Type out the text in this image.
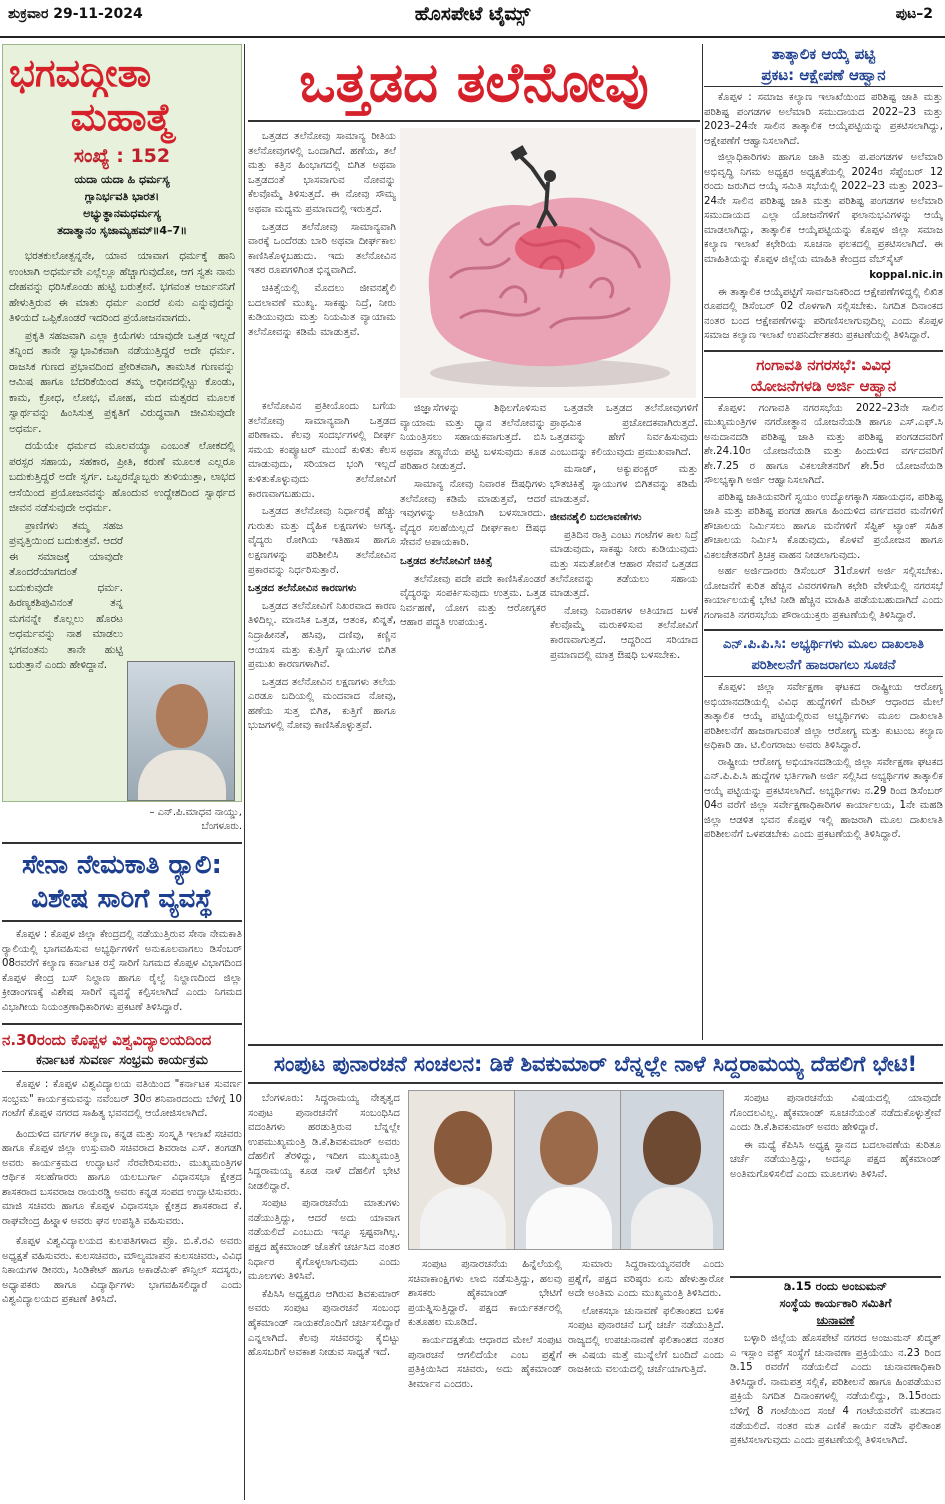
ಶುಕ್ರವಾರ 29-11-2024	ಹೊಸಪೇಟೆ ಟೈಮ್ಸ್	ಪುಟ–2
ಭಗವದ್ಗೀತಾ
ಮಹಾತ್ಮೆ
ಸಂಖ್ಯೆ : 152
ಯದಾ ಯದಾ ಹಿ ಧರ್ಮಸ್ಯ
ಗ್ಲಾನಿರ್ಭವತಿ ಭಾರತ।
ಅಭ್ಯುತ್ಥಾನಮಧರ್ಮಸ್ಯ
ತದಾತ್ಮಾನಂ ಸೃಜಾಮ್ಯಹಮ್॥4–7॥

ಭರತಕುಲೋತ್ಪನ್ನನೇ, ಯಾವ ಯಾವಾಗ ಧರ್ಮಕ್ಕೆ ಹಾನಿ ಉಂಟಾಗಿ ಅಧರ್ಮವೇ ಎಲ್ಲೆಲ್ಲೂ ಹೆಚ್ಚಾಗುವುದೋ, ಆಗ ಸ್ವತಃ ನಾನು ದೇಹವನ್ನು ಧರಿಸಿಕೊಂಡು ಹುಟ್ಟಿ ಬರುತ್ತೇನೆ. ಭಗವಂತ ಅರ್ಜುನನಿಗೆ ಹೇಳುತ್ತಿರುವ ಈ ಮಾತು ಧರ್ಮ ಎಂದರೆ ಏನು ಎನ್ನುವುದನ್ನು ತಿಳಿಯದೆ ಒಪ್ಪಿಕೊಂಡರೆ ಇದರಿಂದ ಪ್ರಯೋಜನವಾಗದು.

ಪ್ರಕೃತಿ ಸಹಜವಾಗಿ ಎಲ್ಲಾ ಕ್ರಿಯೆಗಳು ಯಾವುದೇ ಒತ್ತಡ ಇಲ್ಲದೆ ತನ್ನಿಂದ ತಾನೇ ಸ್ವಾಭಾವಿಕವಾಗಿ ನಡೆಯುತ್ತಿದ್ದರೆ ಅದೇ ಧರ್ಮ. ರಾಜಸಿಕ ಗುಣದ ಪ್ರಭಾವದಿಂದ ಪ್ರೇರಿತವಾಗಿ, ತಾಮಸಿಕ ಗುಣವನ್ನು ಆಮಿಷ ಹಾಗೂ ಬೆದರಿಕೆಯಿಂದ ತಮ್ಮ ಅಧೀನದಲ್ಲಿಟ್ಟು ಕೊಂಡು, ಕಾಮ, ಕ್ರೋಧ, ಲೋಭ, ಮೋಹ, ಮದ ಮತ್ಸರದ ಮೂಲಕ ಸ್ವಾರ್ಥವನ್ನು ಹಿಂಸಿಸುತ್ತ ಪ್ರಕೃತಿಗೆ ವಿರುದ್ಧವಾಗಿ ಜೀವಿಸುವುದೇ ಅಧರ್ಮ.

ದಯೆಯೇ ಧರ್ಮದ ಮೂಲವಯ್ಯಾ ಎಂಬಂತೆ ಲೋಕದಲ್ಲಿ ಪರಸ್ಪರ ಸಹಾಯ, ಸಹಕಾರ, ಪ್ರೀತಿ, ಕರುಣೆ ಮೂಲಕ ಎಲ್ಲರೂ ಬದುಕುತ್ತಿದ್ದರೆ ಅದೇ ಸ್ವರ್ಗ. ಒಬ್ಬರನ್ನೊಬ್ಬರು ತುಳಿಯುತ್ತಾ, ಲಾಭದ ಆಸೆಯಿಂದ ಪ್ರಯೋಜನವನ್ನು ಹೊಂದುವ ಉದ್ದೇಶದಿಂದ ಸ್ವಾರ್ಥದ ಜೀವನ ನಡೆಸುವುದೇ ಅಧರ್ಮ.

ಪ್ರಾಣಿಗಳು ತಮ್ಮ ಸಹಜ ಪ್ರವೃತ್ತಿಯಿಂದ ಬದುಕುತ್ತವೆ. ಆದರೆ ಈ ಸಮಾಜಕ್ಕೆ ಯಾವುದೇ ತೊಂದರೆಯಾಗದಂತೆ ಬದುಕುವುದೇ ಧರ್ಮ. ಹಿರಣ್ಯಕಶಿಪುವಿನಂತೆ ತನ್ನ ಮಗನನ್ನೇ ಕೊಲ್ಲಲು ಹೊರಟ ಅಧರ್ಮವನ್ನು ನಾಶ ಮಾಡಲು ಭಗವಂತನು ತಾನೇ ಹುಟ್ಟಿ ಬರುತ್ತಾನೆ ಎಂದು ಹೇಳಿದ್ದಾನೆ.

– ಎನ್.ಪಿ.ಮಾಧವ ನಾಯ್ಡು,
ಬೆಂಗಳೂರು.
ಸೇನಾ ನೇಮಕಾತಿ ರ್‍ಯಾಲಿ:
ವಿಶೇಷ ಸಾರಿಗೆ ವ್ಯವಸ್ಥೆ

ಕೊಪ್ಪಳ : ಕೊಪ್ಪಳ ಜಿಲ್ಲಾ ಕೇಂದ್ರದಲ್ಲಿ ನಡೆಯುತ್ತಿರುವ ಸೇನಾ ನೇಮಕಾತಿ ರ್‍ಯಾಲಿಯಲ್ಲಿ ಭಾಗವಹಿಸುವ ಅಭ್ಯರ್ಥಿಗಳಿಗೆ ಅನುಕೂಲವಾಗಲು ಡಿಸೆಂಬರ್ 08ರವರೆಗೆ ಕಲ್ಯಾಣ ಕರ್ನಾಟಕ ರಸ್ತೆ ಸಾರಿಗೆ ನಿಗಮದ ಕೊಪ್ಪಳ ವಿಭಾಗದಿಂದ ಕೊಪ್ಪಳ ಕೇಂದ್ರ ಬಸ್ ನಿಲ್ದಾಣ ಹಾಗೂ ರೈಲ್ವೆ ನಿಲ್ದಾಣದಿಂದ ಜಿಲ್ಲಾ ಕ್ರೀಡಾಂಗಣಕ್ಕೆ ವಿಶೇಷ ಸಾರಿಗೆ ವ್ಯವಸ್ಥೆ ಕಲ್ಪಿಸಲಾಗಿದೆ ಎಂದು ನಿಗಮದ ವಿಭಾಗೀಯ ನಿಯಂತ್ರಣಾಧಿಕಾರಿಗಳು ಪ್ರಕಟಣೆ ತಿಳಿಸಿದ್ದಾರೆ.

ನ.30ರಂದು ಕೊಪ್ಪಳ ವಿಶ್ವವಿದ್ಯಾಲಯದಿಂದ
ಕರ್ನಾಟಕ ಸುವರ್ಣ ಸಂಭ್ರಮ ಕಾರ್ಯಕ್ರಮ

ಕೊಪ್ಪಳ : ಕೊಪ್ಪಳ ವಿಶ್ವವಿದ್ಯಾಲಯ ವತಿಯಿಂದ "ಕರ್ನಾಟಕ ಸುವರ್ಣ ಸಂಭ್ರಮ" ಕಾರ್ಯಕ್ರಮವನ್ನು ನವೆಂಬರ್ 30ರ ಶನಿವಾರದಂದು ಬೆಳಿಗ್ಗೆ 10 ಗಂಟೆಗೆ ಕೊಪ್ಪಳ ನಗರದ ಸಾಹಿತ್ಯ ಭವನದಲ್ಲಿ ಆಯೋಜಿಸಲಾಗಿದೆ.

ಹಿಂದುಳಿದ ವರ್ಗಗಳ ಕಲ್ಯಾಣ, ಕನ್ನಡ ಮತ್ತು ಸಂಸ್ಕೃತಿ ಇಲಾಖೆ ಸಚಿವರು ಹಾಗೂ ಕೊಪ್ಪಳ ಜಿಲ್ಲಾ ಉಸ್ತುವಾರಿ ಸಚಿವರಾದ ಶಿವರಾಜ ಎಸ್. ತಂಗಡಗಿ ಅವರು ಕಾರ್ಯಕ್ರಮದ ಉದ್ಘಾಟನೆ ನೆರವೇರಿಸುವರು. ಮುಖ್ಯಮಂತ್ರಿಗಳ ಆರ್ಥಿಕ ಸಲಹೆಗಾರರು ಹಾಗೂ ಯಲಬುರ್ಗಾ ವಿಧಾನಸಭಾ ಕ್ಷೇತ್ರದ ಶಾಸಕರಾದ ಬಸವರಾಜ ರಾಯರಡ್ಡಿ ಅವರು ಕನ್ನಡ ಸಂಪದ ಉದ್ಘಾಟಿಸುವರು. ಮಾಜಿ ಸಚಿವರು ಹಾಗೂ ಕೊಪ್ಪಳ ವಿಧಾನಸಭಾ ಕ್ಷೇತ್ರದ ಶಾಸಕರಾದ ಕೆ. ರಾಘವೇಂದ್ರ ಹಿಟ್ನಾಳ ಅವರು ಘನ ಉಪಸ್ಥಿತಿ ವಹಿಸುವರು.

ಕೊಪ್ಪಳ ವಿಶ್ವವಿದ್ಯಾಲಯದ ಕುಲಪತಿಗಳಾದ ಪ್ರೊ. ಬಿ.ಕೆ.ರವಿ ಅವರು ಅಧ್ಯಕ್ಷತೆ ವಹಿಸುವರು. ಕುಲಸಚಿವರು, ಮೌಲ್ಯಮಾಪನ ಕುಲಸಚಿವರು, ವಿವಿಧ ನಿಕಾಯಗಳ ಡೀನರು, ಸಿಂಡಿಕೇಟ್ ಹಾಗೂ ಅಕಾಡೆಮಿಕ್ ಕೌನ್ಸಿಲ್ ಸದಸ್ಯರು, ಅಧ್ಯಾಪಕರು ಹಾಗೂ ವಿದ್ಯಾರ್ಥಿಗಳು ಭಾಗವಹಿಸಲಿದ್ದಾರೆ ಎಂದು ವಿಶ್ವವಿದ್ಯಾಲಯದ ಪ್ರಕಟಣೆ ತಿಳಿಸಿದೆ.

ಒತ್ತಡದ ತಲೆನೋವು

ಒತ್ತಡದ ತಲೆನೋವು ಸಾಮಾನ್ಯ ರೀತಿಯ ತಲೆನೋವುಗಳಲ್ಲಿ ಒಂದಾಗಿದೆ. ಹಣೆಯ, ತಲೆ ಮತ್ತು ಕತ್ತಿನ ಹಿಂಭಾಗದಲ್ಲಿ ಬಿಗಿತ ಅಥವಾ ಒತ್ತಡದಂತೆ ಭಾಸವಾಗುವ ನೋವನ್ನು ಕೆಲವೊಮ್ಮೆ ತಿಳಿಸುತ್ತದೆ. ಈ ನೋವು ಸೌಮ್ಯ ಅಥವಾ ಮಧ್ಯಮ ಪ್ರಮಾಣದಲ್ಲಿ ಇರುತ್ತದೆ.

ಒತ್ತಡದ ತಲೆನೋವು ಸಾಮಾನ್ಯವಾಗಿ ವಾರಕ್ಕೆ ಒಂದೆರಡು ಬಾರಿ ಅಥವಾ ದೀರ್ಘಕಾಲ ಕಾಣಿಸಿಕೊಳ್ಳಬಹುದು. ಇದು ತಲೆನೋವಿನ ಇತರ ರೂಪಗಳಿಗಿಂತ ಭಿನ್ನವಾಗಿದೆ.

ಚಿಕಿತ್ಸೆಯಲ್ಲಿ ಮೊದಲು ಜೀವನಶೈಲಿ ಬದಲಾವಣೆ ಮುಖ್ಯ. ಸಾಕಷ್ಟು ನಿದ್ರೆ, ನೀರು ಕುಡಿಯುವುದು ಮತ್ತು ನಿಯಮಿತ ವ್ಯಾಯಾಮ ತಲೆನೋವನ್ನು ಕಡಿಮೆ ಮಾಡುತ್ತವೆ.

ಕಲೆನೋವಿನ ಪ್ರತೀಯೊಂದು ಬಗೆಯ ತಲೆನೋವು ಸಾಮಾನ್ಯವಾಗಿ ಒತ್ತಡದ ಪರಿಣಾಮ. ಕೆಲವು ಸಂದರ್ಭಗಳಲ್ಲಿ ದೀರ್ಘ ಸಮಯ ಕಂಪ್ಯೂಟರ್ ಮುಂದೆ ಕುಳಿತು ಕೆಲಸ ಮಾಡುವುದು, ಸರಿಯಾದ ಭಂಗಿ ಇಲ್ಲದೆ ಕುಳಿತುಕೊಳ್ಳುವುದು ತಲೆನೋವಿಗೆ ಕಾರಣವಾಗಬಹುದು.

ಒತ್ತಡದ ತಲೆನೋವು ನಿರ್ಧಾರಕ್ಕೆ ಹೆಚ್ಚು ಗುರುತು ಮತ್ತು ದೈಹಿಕ ಲಕ್ಷಣಗಳು ಅಗತ್ಯ. ವೈದ್ಯರು ರೋಗಿಯ ಇತಿಹಾಸ ಹಾಗೂ ಲಕ್ಷಣಗಳನ್ನು ಪರಿಶೀಲಿಸಿ ತಲೆನೋವಿನ ಪ್ರಕಾರವನ್ನು ನಿರ್ಧರಿಸುತ್ತಾರೆ.

ಒತ್ತಡದ ತಲೆನೋವಿನ ಕಾರಣಗಳು

ಒತ್ತಡದ ತಲೆನೋವಿಗೆ ನಿಖರವಾದ ಕಾರಣ ತಿಳಿದಿಲ್ಲ. ಮಾನಸಿಕ ಒತ್ತಡ, ಆತಂಕ, ಖಿನ್ನತೆ, ನಿದ್ರಾಹೀನತೆ, ಹಸಿವು, ದಣಿವು, ಕಣ್ಣಿನ ಆಯಾಸ ಮತ್ತು ಕುತ್ತಿಗೆ ಸ್ನಾಯುಗಳ ಬಿಗಿತ ಪ್ರಮುಖ ಕಾರಣಗಳಾಗಿವೆ.

ಒತ್ತಡದ ತಲೆನೋವಿನ ಲಕ್ಷಣಗಳು ತಲೆಯ ಎರಡೂ ಬದಿಯಲ್ಲಿ ಮಂದವಾದ ನೋವು, ಹಣೆಯ ಸುತ್ತ ಬಿಗಿತ, ಕುತ್ತಿಗೆ ಹಾಗೂ ಭುಜಗಳಲ್ಲಿ ನೋವು ಕಾಣಿಸಿಕೊಳ್ಳುತ್ತವೆ.

ಜಿಜ್ಞಾಸೆಗಳನ್ನು ಶಿಥಿಲಗೊಳಿಸುವ ವ್ಯಾಯಾಮ ಮತ್ತು ಧ್ಯಾನ ತಲೆನೋವನ್ನು ನಿಯಂತ್ರಿಸಲು ಸಹಾಯಕವಾಗುತ್ತದೆ. ಬಿಸಿ ಅಥವಾ ತಣ್ಣನೆಯ ಪಟ್ಟಿ ಬಳಸುವುದು ಕೂಡ ಪರಿಹಾರ ನೀಡುತ್ತದೆ.

ಸಾಮಾನ್ಯ ನೋವು ನಿವಾರಕ ಔಷಧಿಗಳು ತಲೆನೋವು ಕಡಿಮೆ ಮಾಡುತ್ತವೆ, ಆದರೆ ಇವುಗಳನ್ನು ಅತಿಯಾಗಿ ಬಳಸಬಾರದು. ವೈದ್ಯರ ಸಲಹೆಯಿಲ್ಲದೆ ದೀರ್ಘಕಾಲ ಔಷಧ ಸೇವನೆ ಅಪಾಯಕಾರಿ.

ಒತ್ತಡದ ತಲೆನೋವಿಗೆ ಚಿಕಿತ್ಸೆ

ತಲೆನೋವು ಪದೇ ಪದೇ ಕಾಣಿಸಿಕೊಂಡರೆ ವೈದ್ಯರನ್ನು ಸಂಪರ್ಕಿಸುವುದು ಉತ್ತಮ. ಒತ್ತಡ ನಿರ್ವಹಣೆ, ಯೋಗ ಮತ್ತು ಆರೋಗ್ಯಕರ ಆಹಾರ ಪದ್ಧತಿ ಉಪಯುಕ್ತ.

ಒತ್ತಡವೇ ಒತ್ತಡದ ತಲೆನೋವುಗಳಿಗೆ ಪ್ರಾಥಮಿಕ ಪ್ರಚೋದಕವಾಗಿರುತ್ತದೆ. ಒತ್ತಡವನ್ನು ಹೇಗೆ ನಿರ್ವಹಿಸುವುದು ಎಂಬುದನ್ನು ಕಲಿಯುವುದು ಪ್ರಮುಖವಾಗಿದೆ.

ಮಸಾಜ್, ಅಕ್ಯುಪಂಕ್ಚರ್ ಮತ್ತು ಭೌತಚಿಕಿತ್ಸೆ ಸ್ನಾಯುಗಳ ಬಿಗಿತವನ್ನು ಕಡಿಮೆ ಮಾಡುತ್ತವೆ.

ಜೀವನಶೈಲಿ ಬದಲಾವಣೆಗಳು

ಪ್ರತಿದಿನ ರಾತ್ರಿ ಎಂಟು ಗಂಟೆಗಳ ಕಾಲ ನಿದ್ರೆ ಮಾಡುವುದು, ಸಾಕಷ್ಟು ನೀರು ಕುಡಿಯುವುದು ಮತ್ತು ಸಮತೋಲಿತ ಆಹಾರ ಸೇವನೆ ಒತ್ತಡದ ತಲೆನೋವನ್ನು ತಡೆಯಲು ಸಹಾಯ ಮಾಡುತ್ತದೆ.

ನೋವು ನಿವಾರಕಗಳ ಅತಿಯಾದ ಬಳಕೆ ಕೆಲವೊಮ್ಮೆ ಮರುಕಳಿಸುವ ತಲೆನೋವಿಗೆ ಕಾರಣವಾಗುತ್ತದೆ. ಆದ್ದರಿಂದ ಸರಿಯಾದ ಪ್ರಮಾಣದಲ್ಲಿ ಮಾತ್ರ ಔಷಧಿ ಬಳಸಬೇಕು.

ತಾತ್ಕಾಲಿಕ ಆಯ್ಕೆ ಪಟ್ಟಿ
ಪ್ರಕಟ: ಆಕ್ಷೇಪಣೆ ಆಹ್ವಾನ

ಕೊಪ್ಪಳ : ಸಮಾಜ ಕಲ್ಯಾಣ ಇಲಾಖೆಯಿಂದ ಪರಿಶಿಷ್ಟ ಜಾತಿ ಮತ್ತು ಪರಿಶಿಷ್ಟ ಪಂಗಡಗಳ ಅಲೆಮಾರಿ ಸಮುದಾಯದ 2022–23 ಮತ್ತು 2023–24ನೇ ಸಾಲಿನ ತಾತ್ಕಾಲಿಕ ಆಯ್ಕೆಪಟ್ಟಿಯನ್ನು ಪ್ರಕಟಿಸಲಾಗಿದ್ದು, ಆಕ್ಷೇಪಣೆಗೆ ಆಹ್ವಾನಿಸಲಾಗಿದೆ.

ಜಿಲ್ಲಾಧಿಕಾರಿಗಳು ಹಾಗೂ ಜಾತಿ ಮತ್ತು ಪ.ಪಂಗಡಗಳ ಅಲೆಮಾರಿ ಅಭಿವೃದ್ಧಿ ನಿಗಮ ಅಧ್ಯಕ್ಷರ ಅಧ್ಯಕ್ಷತೆಯಲ್ಲಿ 2024ರ ಸೆಪ್ಟೆಂಬರ್ 12 ರಂದು ಜರುಗಿದ ಆಯ್ಕೆ ಸಮಿತಿ ಸಭೆಯಲ್ಲಿ 2022–23 ಮತ್ತು 2023–24ನೇ ಸಾಲಿನ ಪರಿಶಿಷ್ಟ ಜಾತಿ ಮತ್ತು ಪರಿಶಿಷ್ಟ ಪಂಗಡಗಳ ಅಲೆಮಾರಿ ಸಮುದಾಯದ ಎಲ್ಲಾ ಯೋಜನೆಗಳಿಗೆ ಫಲಾನುಭವಿಗಳನ್ನು ಆಯ್ಕೆ ಮಾಡಲಾಗಿದ್ದು, ತಾತ್ಕಾಲಿಕ ಆಯ್ಕೆಪಟ್ಟಿಯನ್ನು ಕೊಪ್ಪಳ ಜಿಲ್ಲಾ ಸಮಾಜ ಕಲ್ಯಾಣ ಇಲಾಖೆ ಕಛೇರಿಯ ಸೂಚನಾ ಫಲಕದಲ್ಲಿ ಪ್ರಕಟಿಸಲಾಗಿದೆ. ಈ ಮಾಹಿತಿಯನ್ನು ಕೊಪ್ಪಳ ಜಿಲ್ಲೆಯ ಮಾಹಿತಿ ಕೇಂದ್ರದ ವೆಬ್‌ಸೈಟ್

koppal.nic.in

ಈ ತಾತ್ಕಾಲಿಕ ಆಯ್ಕೆಪಟ್ಟಿಗೆ ಸಾರ್ವಜನಿಕರಿಂದ ಆಕ್ಷೇಪಣೆಗಳಿದ್ದಲ್ಲಿ ಲಿಖಿತ ರೂಪದಲ್ಲಿ ಡಿಸೆಂಬರ್ 02 ರೊಳಗಾಗಿ ಸಲ್ಲಿಸಬೇಕು. ನಿಗದಿತ ದಿನಾಂಕದ ನಂತರ ಬಂದ ಆಕ್ಷೇಪಣೆಗಳನ್ನು ಪರಿಗಣಿಸಲಾಗುವುದಿಲ್ಲ ಎಂದು ಕೊಪ್ಪಳ ಸಮಾಜ ಕಲ್ಯಾಣ ಇಲಾಖೆ ಉಪನಿರ್ದೇಶಕರು ಪ್ರಕಟಣೆಯಲ್ಲಿ ತಿಳಿಸಿದ್ದಾರೆ.

ಗಂಗಾವತಿ ನಗರಸಭೆ: ವಿವಿಧ
ಯೋಜನೆಗಳಡಿ ಅರ್ಜಿ ಆಹ್ವಾನ

ಕೊಪ್ಪಳ: ಗಂಗಾವತಿ ನಗರಸಭೆಯ 2022–23ನೇ ಸಾಲಿನ ಮುಖ್ಯಮಂತ್ರಿಗಳ ನಗರೋತ್ಥಾನ ಯೋಜನೆಯಡಿ ಹಾಗೂ ಎಸ್.ಎಫ್.ಸಿ ಅನುದಾನದಡಿ ಪರಿಶಿಷ್ಟ ಜಾತಿ ಮತ್ತು ಪರಿಶಿಷ್ಟ ಪಂಗಡದವರಿಗೆ ಶೇ.24.10ರ ಯೋಜನೆಯಡಿ ಮತ್ತು ಹಿಂದುಳಿದ ವರ್ಗದವರಿಗೆ ಶೇ.7.25 ರ ಹಾಗೂ ವಿಕಲಚೇತನರಿಗೆ ಶೇ.5ರ ಯೋಜನೆಯಡಿ ಸೌಲಭ್ಯಕ್ಕಾಗಿ ಅರ್ಜಿ ಆಹ್ವಾನಿಸಲಾಗಿದೆ.

ಪರಿಶಿಷ್ಟ ಜಾತಿಯವರಿಗೆ ಸ್ವಯಂ ಉದ್ಯೋಗಕ್ಕಾಗಿ ಸಹಾಯಧನ, ಪರಿಶಿಷ್ಟ ಜಾತಿ ಮತ್ತು ಪರಿಶಿಷ್ಟ ಪಂಗಡ ಹಾಗೂ ಹಿಂದುಳಿದ ವರ್ಗದವರ ಮನೆಗಳಿಗೆ ಶೌಚಾಲಯ ನಿರ್ಮಿಸಲು ಹಾಗೂ ಮನೆಗಳಿಗೆ ಸೆಪ್ಟಿಕ್ ಟ್ಯಾಂಕ್ ಸಹಿತ ಶೌಚಾಲಯ ನಿರ್ಮಿಸಿ ಕೊಡುವುದು, ಕೊಳವೆ ಪ್ರಯೋಜನ ಹಾಗೂ ವಿಕಲಚೇತನರಿಗೆ ತ್ರಿಚಕ್ರ ವಾಹನ ನೀಡಲಾಗುವುದು.

ಅರ್ಹ ಅರ್ಜಿದಾರರು ಡಿಸೆಂಬರ್ 31ರೊಳಗೆ ಅರ್ಜಿ ಸಲ್ಲಿಸಬೇಕು. ಯೋಜನೆಗೆ ಕುರಿತ ಹೆಚ್ಚಿನ ವಿವರಗಳಿಗಾಗಿ ಕಛೇರಿ ವೇಳೆಯಲ್ಲಿ ನಗರಸಭೆ ಕಾರ್ಯಾಲಯಕ್ಕೆ ಭೇಟಿ ನೀಡಿ ಹೆಚ್ಚಿನ ಮಾಹಿತಿ ಪಡೆಯಬಹುದಾಗಿದೆ ಎಂದು ಗಂಗಾವತಿ ನಗರಸಭೆಯ ಪೌರಾಯುಕ್ತರು ಪ್ರಕಟಣೆಯಲ್ಲಿ ತಿಳಿಸಿದ್ದಾರೆ.

ಎನ್.ಪಿ.ಪಿ.ಸಿ: ಅಭ್ಯರ್ಥಿಗಳು ಮೂಲ ದಾಖಲಾತಿ
ಪರಿಶೀಲನೆಗೆ ಹಾಜರಾಗಲು ಸೂಚನೆ

ಕೊಪ್ಪಳ: ಜಿಲ್ಲಾ ಸರ್ವೇಕ್ಷಣಾ ಘಟಕದ ರಾಷ್ಟ್ರೀಯ ಆರೋಗ್ಯ ಅಭಿಯಾನದಡಿಯಲ್ಲಿ ವಿವಿಧ ಹುದ್ದೆಗಳಿಗೆ ಮೆರಿಟ್ ಆಧಾರದ ಮೇಲೆ ತಾತ್ಕಾಲಿಕ ಆಯ್ಕೆ ಪಟ್ಟಿಯಲ್ಲಿರುವ ಅಭ್ಯರ್ಥಿಗಳು ಮೂಲ ದಾಖಲಾತಿ ಪರಿಶೀಲನೆಗೆ ಹಾಜರಾಗುವಂತೆ ಜಿಲ್ಲಾ ಆರೋಗ್ಯ ಮತ್ತು ಕುಟುಂಬ ಕಲ್ಯಾಣ ಅಧಿಕಾರಿ ಡಾ. ಟಿ.ಲಿಂಗರಾಜು ಅವರು ತಿಳಿಸಿದ್ದಾರೆ.

ರಾಷ್ಟ್ರೀಯ ಆರೋಗ್ಯ ಅಭಿಯಾನದಡಿಯಲ್ಲಿ ಜಿಲ್ಲಾ ಸರ್ವೇಕ್ಷಣಾ ಘಟಕದ ಎನ್.ಪಿ.ಪಿ.ಸಿ ಹುದ್ದೆಗಳ ಭರ್ತಿಗಾಗಿ ಅರ್ಜಿ ಸಲ್ಲಿಸಿದ ಅಭ್ಯರ್ಥಿಗಳ ತಾತ್ಕಾಲಿಕ ಆಯ್ಕೆ ಪಟ್ಟಿಯನ್ನು ಪ್ರಕಟಿಸಲಾಗಿದೆ. ಅಭ್ಯರ್ಥಿಗಳು ನ.29 ರಿಂದ ಡಿಸೆಂಬರ್ 04ರ ವರೆಗೆ ಜಿಲ್ಲಾ ಸರ್ವೇಕ್ಷಣಾಧಿಕಾರಿಗಳ ಕಾರ್ಯಾಲಯ, 1ನೇ ಮಹಡಿ ಜಿಲ್ಲಾ ಆಡಳಿತ ಭವನ ಕೊಪ್ಪಳ ಇಲ್ಲಿ ಹಾಜರಾಗಿ ಮೂಲ ದಾಖಲಾತಿ ಪರಿಶೀಲನೆಗೆ ಒಳಪಡಬೇಕು ಎಂದು ಪ್ರಕಟಣೆಯಲ್ಲಿ ತಿಳಿಸಿದ್ದಾರೆ.

ಸಂಪುಟ ಪುನಾರಚನೆ ಸಂಚಲನ: ಡಿಕೆ ಶಿವಕುಮಾರ್ ಬೆನ್ನಲ್ಲೇ ನಾಳೆ ಸಿದ್ದರಾಮಯ್ಯ ದೆಹಲಿಗೆ ಭೇಟಿ!

ಬೆಂಗಳೂರು: ಸಿದ್ದರಾಮಯ್ಯ ನೇತೃತ್ವದ ಸಂಪುಟ ಪುನಾರಚನೆಗೆ ಸಂಬಂಧಿಸಿದ ವದಂತಿಗಳು ಹರಡುತ್ತಿರುವ ಬೆನ್ನಲ್ಲೇ ಉಪಮುಖ್ಯಮಂತ್ರಿ ಡಿ.ಕೆ.ಶಿವಕುಮಾರ್ ಅವರು ದೆಹಲಿಗೆ ತೆರಳಿದ್ದು, ಇದೀಗ ಮುಖ್ಯಮಂತ್ರಿ ಸಿದ್ದರಾಮಯ್ಯ ಕೂಡ ನಾಳೆ ದೆಹಲಿಗೆ ಭೇಟಿ ನೀಡಲಿದ್ದಾರೆ.

ಸಂಪುಟ ಪುನಾರಚನೆಯ ಮಾತುಗಳು ನಡೆಯುತ್ತಿದ್ದು, ಆದರೆ ಅದು ಯಾವಾಗ ನಡೆಯಲಿದೆ ಎಂಬುದು ಇನ್ನೂ ಸ್ಪಷ್ಟವಾಗಿಲ್ಲ. ಪಕ್ಷದ ಹೈಕಮಾಂಡ್ ಜೊತೆಗೆ ಚರ್ಚಿಸಿದ ನಂತರ ನಿರ್ಧಾರ ಕೈಗೊಳ್ಳಲಾಗುವುದು ಎಂದು ಮೂಲಗಳು ತಿಳಿಸಿವೆ.

ಕೆಪಿಸಿಸಿ ಅಧ್ಯಕ್ಷರೂ ಆಗಿರುವ ಶಿವಕುಮಾರ್ ಅವರು ಸಂಪುಟ ಪುನಾರಚನೆ ಸಂಬಂಧ ಹೈಕಮಾಂಡ್ ನಾಯಕರೊಂದಿಗೆ ಚರ್ಚಿಸಲಿದ್ದಾರೆ ಎನ್ನಲಾಗಿದೆ. ಕೆಲವು ಸಚಿವರನ್ನು ಕೈಬಿಟ್ಟು ಹೊಸಬರಿಗೆ ಅವಕಾಶ ನೀಡುವ ಸಾಧ್ಯತೆ ಇದೆ.

ಸಂಪುಟ ಪುನಾರಚನೆಯ ಹಿನ್ನೆಲೆಯಲ್ಲಿ ಸಚಿವಾಕಾಂಕ್ಷಿಗಳು ಲಾಬಿ ನಡೆಸುತ್ತಿದ್ದು, ಹಲವು ಶಾಸಕರು ಹೈಕಮಾಂಡ್ ಭೇಟಿಗೆ ಪ್ರಯತ್ನಿಸುತ್ತಿದ್ದಾರೆ. ಪಕ್ಷದ ಕಾರ್ಯಕರ್ತರಲ್ಲಿ ಕುತೂಹಲ ಮೂಡಿದೆ.

ಕಾರ್ಯದಕ್ಷತೆಯ ಆಧಾರದ ಮೇಲೆ ಸಂಪುಟ ಪುನಾರಚನೆ ಆಗಲಿದೆಯೇ ಎಂಬ ಪ್ರಶ್ನೆಗೆ ಪ್ರತಿಕ್ರಿಯಿಸಿದ ಸಚಿವರು, ಅದು ಹೈಕಮಾಂಡ್ ತೀರ್ಮಾನ ಎಂದರು.

ಸುಮಾರು ಸಿದ್ದರಾಮಯ್ಯನವರೇ ಎಂದು ಪ್ರಶ್ನೆಗೆ, ಪಕ್ಷದ ವರಿಷ್ಠರು ಏನು ಹೇಳುತ್ತಾರೋ ಅದೇ ಅಂತಿಮ ಎಂದು ಮುಖ್ಯಮಂತ್ರಿ ತಿಳಿಸಿದರು.

ಲೋಕಸಭಾ ಚುನಾವಣೆ ಫಲಿತಾಂಶದ ಬಳಿಕ ಸಂಪುಟ ಪುನಾರಚನೆ ಬಗ್ಗೆ ಚರ್ಚೆ ನಡೆಯುತ್ತಿದೆ. ರಾಜ್ಯದಲ್ಲಿ ಉಪಚುನಾವಣೆ ಫಲಿತಾಂಶದ ನಂತರ ಈ ವಿಷಯ ಮತ್ತೆ ಮುನ್ನೆಲೆಗೆ ಬಂದಿದೆ ಎಂದು ರಾಜಕೀಯ ವಲಯದಲ್ಲಿ ಚರ್ಚೆಯಾಗುತ್ತಿದೆ.

ಸಂಪುಟ ಪುನಾರಚನೆಯ ವಿಷಯದಲ್ಲಿ ಯಾವುದೇ ಗೊಂದಲವಿಲ್ಲ. ಹೈಕಮಾಂಡ್ ಸೂಚನೆಯಂತೆ ನಡೆದುಕೊಳ್ಳುತ್ತೇವೆ ಎಂದು ಡಿ.ಕೆ.ಶಿವಕುಮಾರ್ ಅವರು ಹೇಳಿದ್ದಾರೆ.

ಈ ಮಧ್ಯೆ ಕೆಪಿಸಿಸಿ ಅಧ್ಯಕ್ಷ ಸ್ಥಾನದ ಬದಲಾವಣೆಯ ಕುರಿತೂ ಚರ್ಚೆ ನಡೆಯುತ್ತಿದ್ದು, ಅದನ್ನೂ ಪಕ್ಷದ ಹೈಕಮಾಂಡ್ ಅಂತಿಮಗೊಳಿಸಲಿದೆ ಎಂದು ಮೂಲಗಳು ತಿಳಿಸಿವೆ.

ಡಿ.15 ರಂದು ಅಂಜುಮನ್
ಸಂಸ್ಥೆಯ ಕಾರ್ಯಕಾರಿ ಸಮಿತಿಗೆ
ಚುನಾವಣೆ

ಬಳ್ಳಾರಿ ಜಿಲ್ಲೆಯ ಹೊಸಪೇಟೆ ನಗರದ ಅಂಜುಮನ್ ಖಿದ್ಮತ್ ಎ ಇಸ್ಲಾಂ ವಕ್ಫ್ ಸಂಸ್ಥೆಗೆ ಚುನಾವಣಾ ಪ್ರಕ್ರಿಯೆಯು ನ.23 ರಿಂದ ಡಿ.15 ರವರೆಗೆ ನಡೆಯಲಿದೆ ಎಂದು ಚುನಾವಣಾಧಿಕಾರಿ ತಿಳಿಸಿದ್ದಾರೆ. ನಾಮಪತ್ರ ಸಲ್ಲಿಕೆ, ಪರಿಶೀಲನೆ ಹಾಗೂ ಹಿಂಪಡೆಯುವ ಪ್ರಕ್ರಿಯೆ ನಿಗದಿತ ದಿನಾಂಕಗಳಲ್ಲಿ ನಡೆಯಲಿದ್ದು, ಡಿ.15ರಂದು ಬೆಳಿಗ್ಗೆ 8 ಗಂಟೆಯಿಂದ ಸಂಜೆ 4 ಗಂಟೆಯವರೆಗೆ ಮತದಾನ ನಡೆಯಲಿದೆ. ನಂತರ ಮತ ಎಣಿಕೆ ಕಾರ್ಯ ನಡೆಸಿ ಫಲಿತಾಂಶ ಪ್ರಕಟಿಸಲಾಗುವುದು ಎಂದು ಪ್ರಕಟಣೆಯಲ್ಲಿ ತಿಳಿಸಲಾಗಿದೆ.
